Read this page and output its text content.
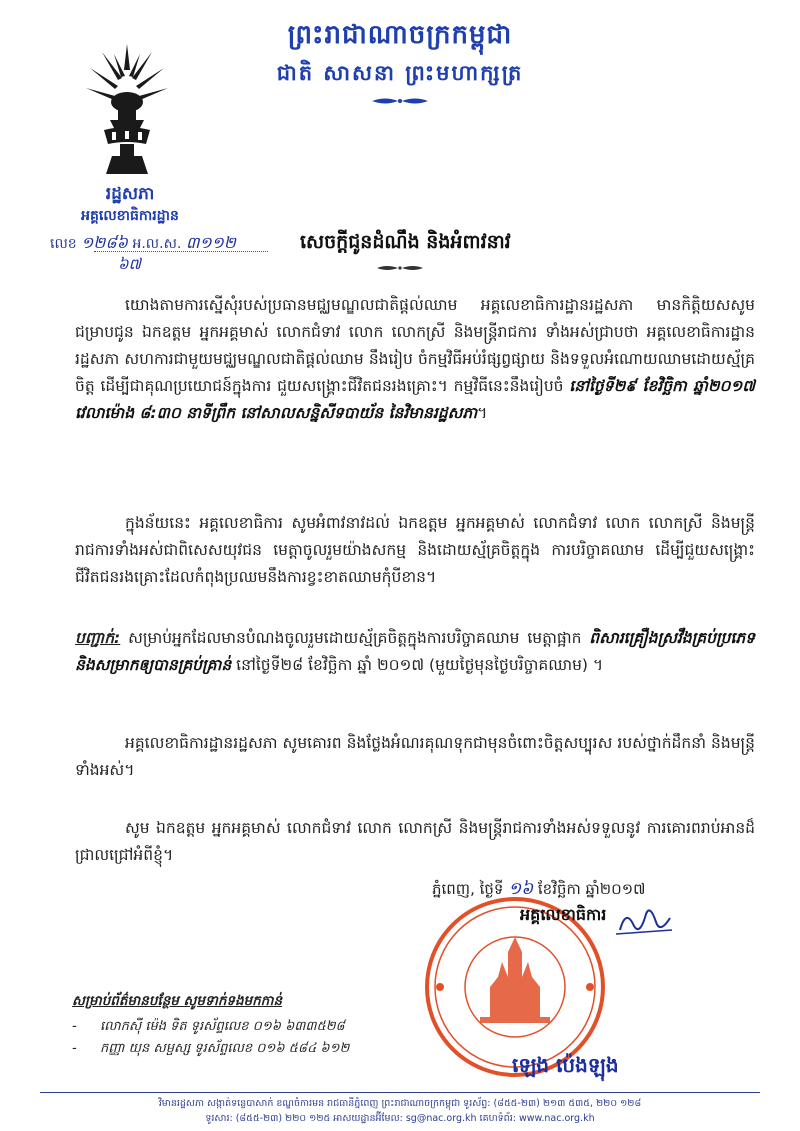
ព្រះរាជាណាចក្រកម្ពុជា
ជាតិ សាសនា ព្រះមហាក្សត្រ
រដ្ឋសភា
អគ្គលេខាធិការដ្ឋាន
លេខ ១២៨៦ អ.ល.ស. ៣១១២
៦៧
សេចក្តីជូនដំណឹង និងអំពាវនាវ
យោងតាមការស្នើសុំរបស់ប្រធានមជ្ឈមណ្ឌលជាតិផ្តល់ឈាម អគ្គលេខាធិការដ្ឋានរដ្ឋសភា មានកិត្តិយសសូមជម្រាបជូន ឯកឧត្តម អ្នកអគ្គមាស់ លោកជំទាវ លោក លោកស្រី និងមន្ត្រីរាជការ ទាំងអស់ជ្រាបថា អគ្គលេខាធិការដ្ឋានរដ្ឋសភា សហការជាមួយមជ្ឈមណ្ឌលជាតិផ្តល់ឈាម នឹងរៀប ចំកម្មវិធីអប់រំផ្សព្វផ្សាយ និងទទួលអំណោយឈាមដោយស្ម័គ្រចិត្ត ដើម្បីជាគុណប្រយោជន៍ក្នុងការ ជួយសង្គ្រោះជីវិតជនរងគ្រោះ។ កម្មវិធីនេះនឹងរៀបចំ នៅថ្ងៃទី២៩ ខែវិច្ឆិកា ឆ្នាំ២០១៧ វេលាម៉ោង ៨:៣០ នាទីព្រឹក នៅសាលសន្និសីទបាយ័ន នៃវិមានរដ្ឋសភា។
ក្នុងន័យនេះ អគ្គលេខាធិការ សូមអំពាវនាវដល់ ឯកឧត្តម អ្នកអគ្គមាស់ លោកជំទាវ លោក លោកស្រី និងមន្ត្រីរាជការទាំងអស់ជាពិសេសយុវជន មេត្តាចូលរួមយ៉ាងសកម្ម និងដោយស្ម័គ្រចិត្តក្នុង ការបរិច្ចាគឈាម ដើម្បីជួយសង្គ្រោះជីវិតជនរងគ្រោះដែលកំពុងប្រឈមនឹងការខ្វះខាតឈាមកុំបីខាន។
បញ្ជាក់: សម្រាប់អ្នកដែលមានបំណងចូលរួមដោយស្ម័គ្រចិត្តក្នុងការបរិច្ចាគឈាម មេត្តាផ្អាក ពិសារគ្រឿងស្រវឹងគ្រប់ប្រភេទ និងសម្រាកឲ្យបានគ្រប់គ្រាន់ នៅថ្ងៃទី២៨ ខែវិច្ឆិកា ឆ្នាំ ២០១៧ (មួយថ្ងៃមុនថ្ងៃបរិច្ចាគឈាម) ។
អគ្គលេខាធិការដ្ឋានរដ្ឋសភា សូមគោរព និងថ្លែងអំណរគុណទុកជាមុនចំពោះចិត្តសប្បុរស របស់ថ្នាក់ដឹកនាំ និងមន្ត្រីទាំងអស់។
សូម ឯកឧត្តម អ្នកអគ្គមាស់ លោកជំទាវ លោក លោកស្រី និងមន្ត្រីរាជការទាំងអស់ទទួលនូវ ការគោរពរាប់អានដ៏ជ្រាលជ្រៅអំពីខ្ញុំ។
ភ្នំពេញ, ថ្ងៃទី ១៦ ខែវិច្ឆិកា ឆ្នាំ២០១៧
អគ្គលេខាធិការ
ឡេង ប៉េងឡុង
សម្រាប់ព័ត៌មានបន្ថែម សូមទាក់ទងមកកាន់
- លោកស៊ី ម៉េង ទិត ទូរស័ព្ទលេខ ០១៦ ៦៣៣៥២៨
- កញ្ញា យុន សម្ផស្ស ទូរស័ព្ទលេខ ០១៦ ៥៨៤ ៦១២
វិមានរដ្ឋសភា សង្កាត់ទន្លេបាសាក់ ខណ្ឌចំការមន រាជធានីភ្នំពេញ ព្រះរាជាណាចក្រកម្ពុជា ទូរស័ព្ទ: (៨៥៥-២៣) ២១៣ ៥៣៥, ២២០ ១២៨
ទូរសារ: (៨៥៥-២៣) ២២០ ១២៥ អាសយដ្ឋានអ៊ីមែល: sg@nac.org.kh គេហទំព័រ: www.nac.org.kh
